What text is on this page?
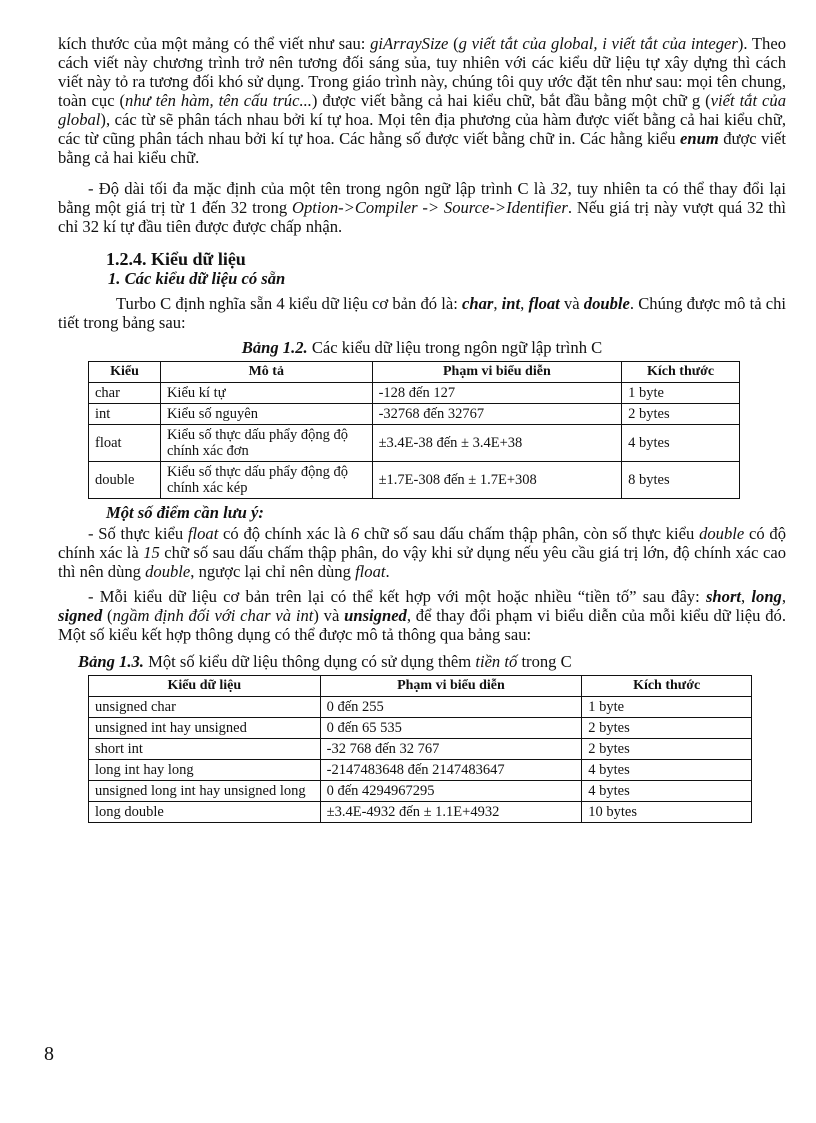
kích thước của một mảng có thể viết như sau: giArraySize (g viết tắt của global, i viết tắt của integer). Theo cách viết này chương trình trở nên tương đối sáng sủa, tuy nhiên với các kiểu dữ liệu tự xây dựng thì cách viết này tỏ ra tương đối khó sử dụng. Trong giáo trình này, chúng tôi quy ước đặt tên như sau: mọi tên chung, toàn cục (như tên hàm, tên cấu trúc...) được viết bằng cả hai kiểu chữ, bắt đầu bằng một chữ g (viết tắt của global), các từ sẽ phân tách nhau bởi kí tự hoa. Mọi tên địa phương của hàm được viết bằng cả hai kiểu chữ, các từ cũng phân tách nhau bởi kí tự hoa. Các hằng số được viết bằng chữ in. Các hằng kiểu enum được viết bằng cả hai kiểu chữ.

- Độ dài tối đa mặc định của một tên trong ngôn ngữ lập trình C là 32, tuy nhiên ta có thể thay đổi lại bằng một giá trị từ 1 đến 32 trong Option->Compiler -> Source->Identifier. Nếu giá trị này vượt quá 32 thì chỉ 32 kí tự đầu tiên được được chấp nhận.

1.2.4. Kiểu dữ liệu
1. Các kiểu dữ liệu có sẵn

Turbo C định nghĩa sẵn 4 kiểu dữ liệu cơ bản đó là: char, int, float và double. Chúng được mô tả chi tiết trong bảng sau:

Bảng 1.2. Các kiểu dữ liệu trong ngôn ngữ lập trình C
Kiểu	Mô tả	Phạm vi biểu diễn	Kích thước
char	Kiểu kí tự	-128 đến 127	1 byte
int	Kiểu số nguyên	-32768 đến 32767	2 bytes
float	Kiểu số thực dấu phẩy động độ chính xác đơn	±3.4E-38 đến ± 3.4E+38	4 bytes
double	Kiểu số thực dấu phẩy động độ chính xác kép	±1.7E-308 đến ± 1.7E+308	8 bytes
Một số điểm cần lưu ý:

- Số thực kiểu float có độ chính xác là 6 chữ số sau dấu chấm thập phân, còn số thực kiểu double có độ chính xác là 15 chữ số sau dấu chấm thập phân, do vậy khi sử dụng nếu yêu cầu giá trị lớn, độ chính xác cao thì nên dùng double, ngược lại chỉ nên dùng float.

- Mỗi kiểu dữ liệu cơ bản trên lại có thể kết hợp với một hoặc nhiều “tiền tố” sau đây: short, long, signed (ngầm định đối với char và int) và unsigned, để thay đổi phạm vi biểu diễn của mỗi kiểu dữ liệu đó. Một số kiểu kết hợp thông dụng có thể được mô tả thông qua bảng sau:

Bảng 1.3. Một số kiểu dữ liệu thông dụng có sử dụng thêm tiền tố trong C
Kiểu dữ liệu	Phạm vi biểu diễn	Kích thước
unsigned char	0 đến 255	1 byte
unsigned int hay unsigned	0 đến 65 535	2 bytes
short int	-32 768 đến 32 767	2 bytes
long int hay long	-2147483648 đến 2147483647	4 bytes
unsigned long int hay unsigned long	0 đến 4294967295	4 bytes
long double	±3.4E-4932 đến ± 1.1E+4932	10 bytes
8
